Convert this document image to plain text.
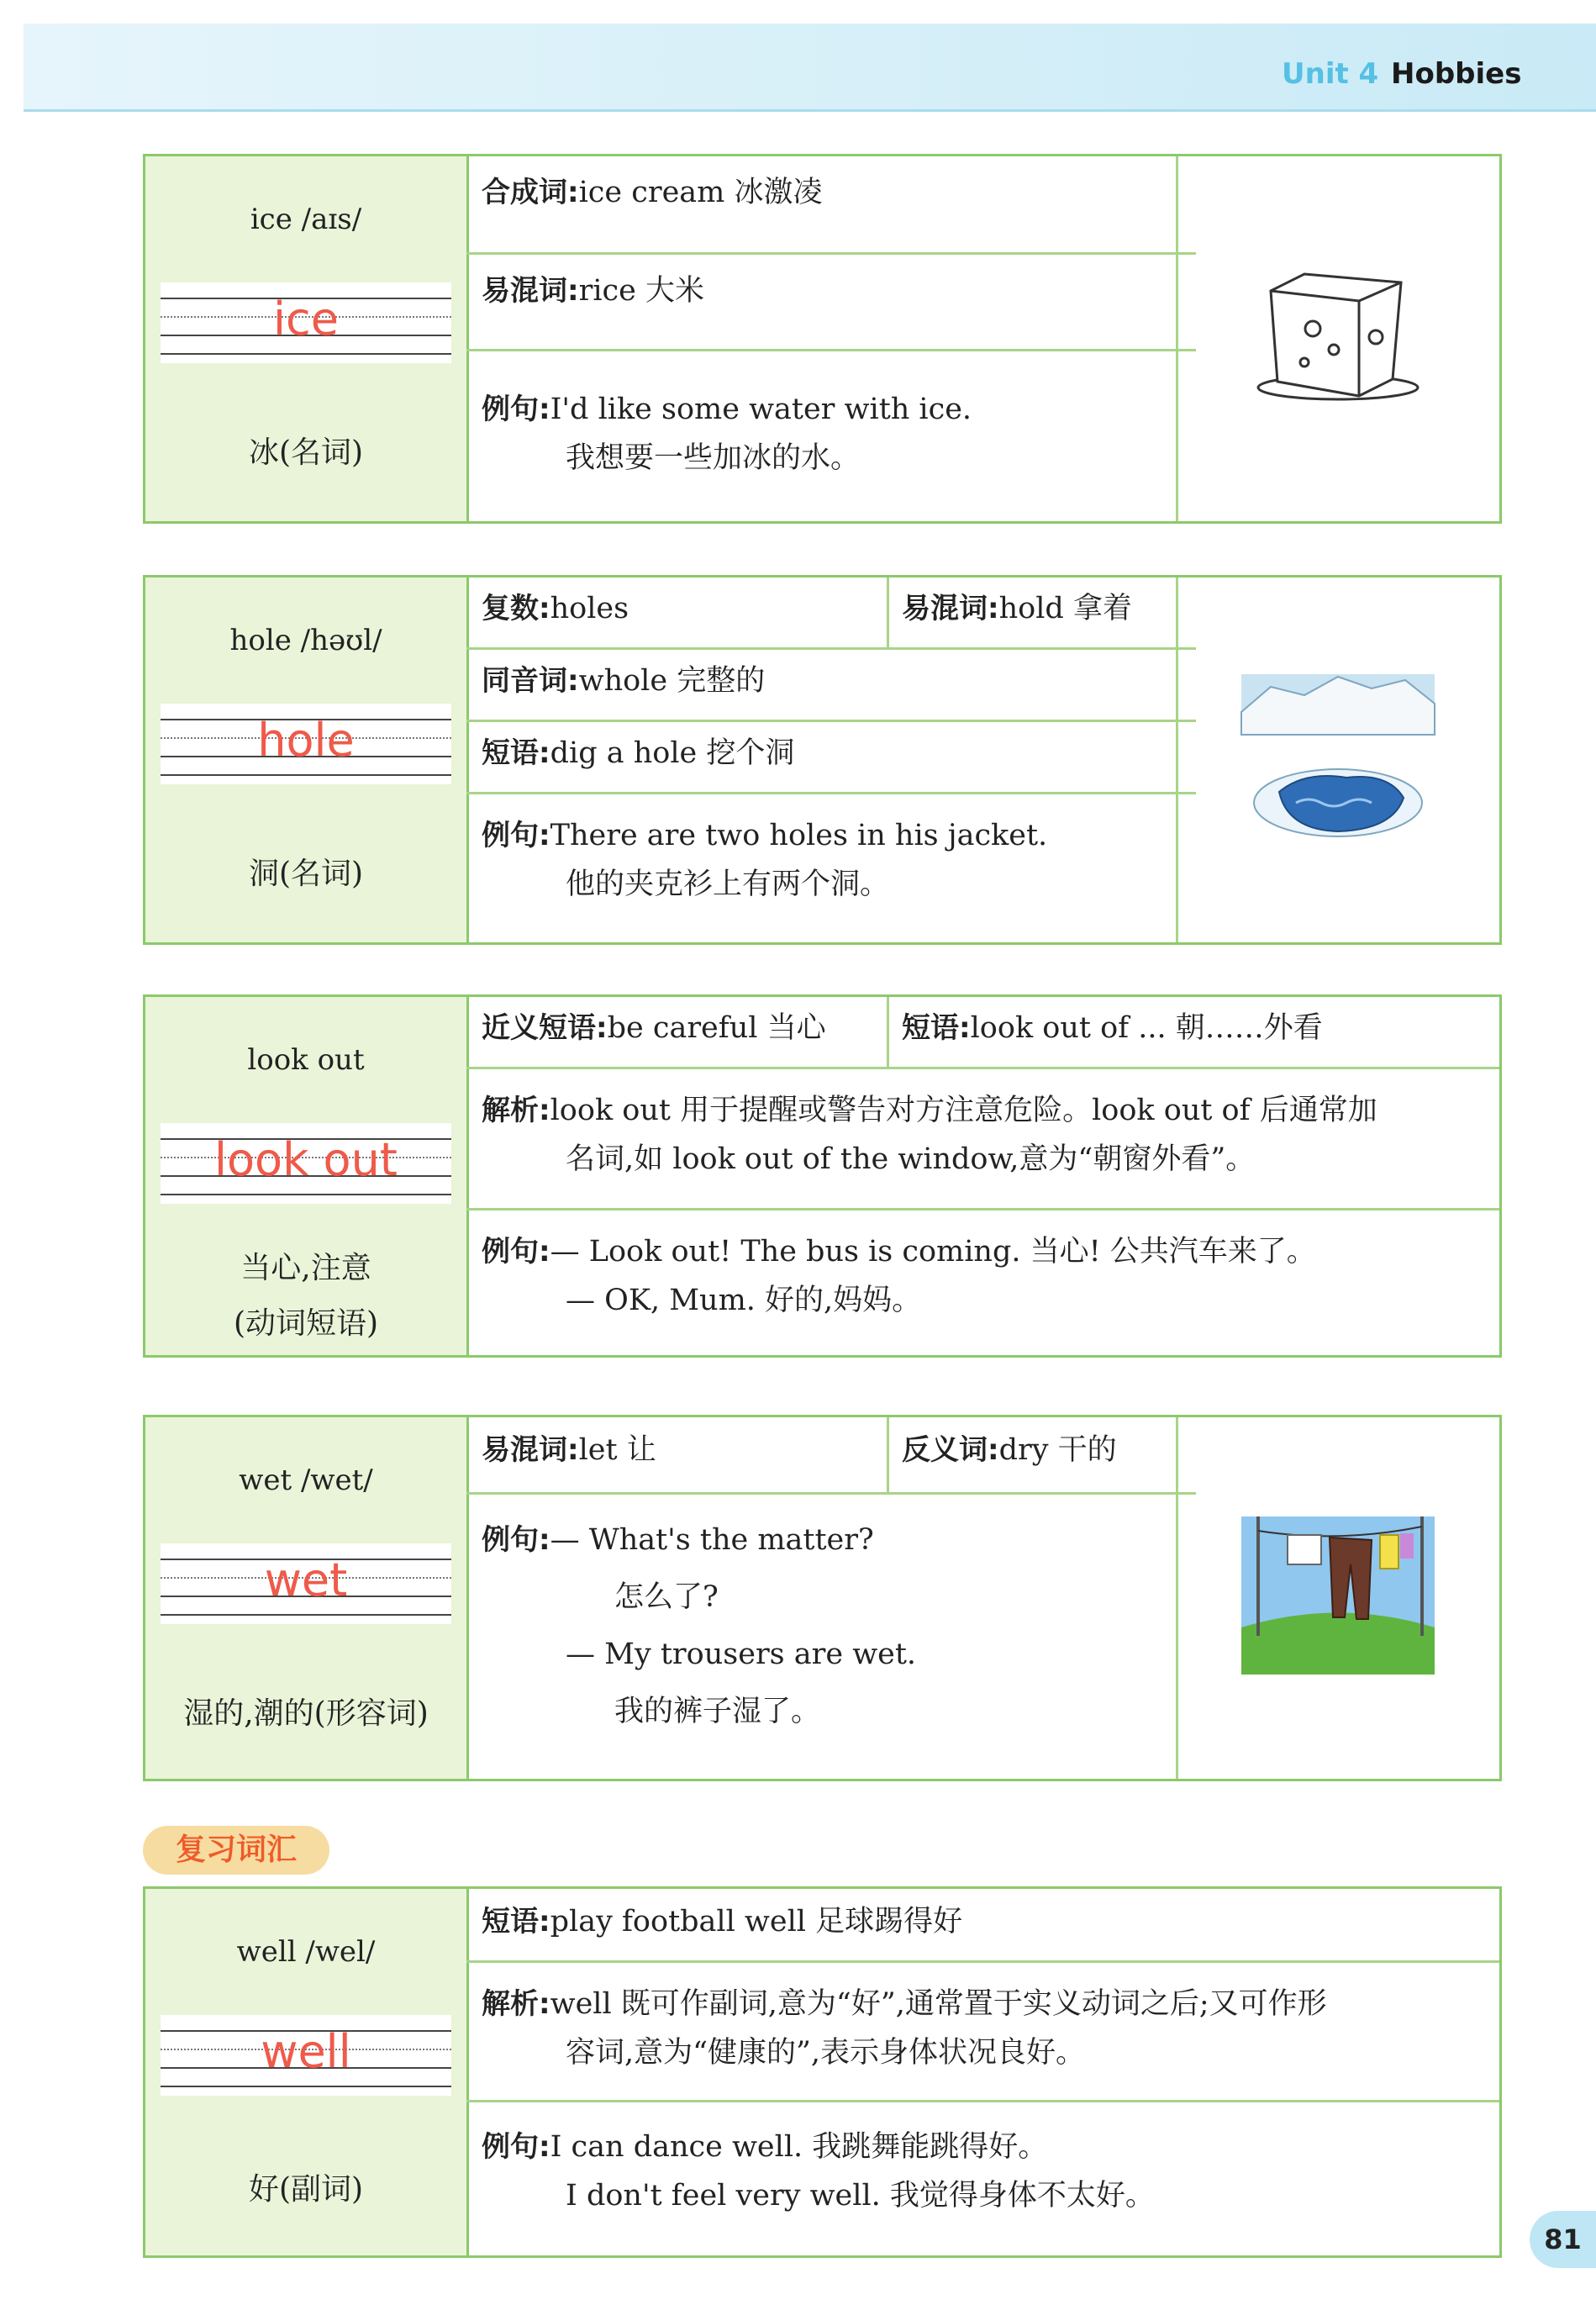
Unit 4 Hobbies
ice /aɪs/
ice
冰(名词)
合成词:ice cream 冰激凌
易混词:rice 大米
例句:I'd like some water with ice.
我想要一些加冰的水。
hole /həʊl/
hole
洞(名词)
复数:holes	易混词:hold 拿着
同音词:whole 完整的
短语:dig a hole 挖个洞
例句:There are two holes in his jacket.
他的夹克衫上有两个洞。
look out
look out
当心,注意
(动词短语)
近义短语:be careful 当心	短语:look out of ... 朝……外看
解析:look out 用于提醒或警告对方注意危险。look out of 后通常加
名词,如 look out of the window,意为“朝窗外看”。
例句:— Look out! The bus is coming. 当心! 公共汽车来了。
— OK, Mum. 好的,妈妈。
wet /wet/
wet
湿的,潮的(形容词)
易混词:let 让	反义词:dry 干的
例句:— What's the matter?
怎么了?
— My trousers are wet.
我的裤子湿了。
复习词汇
well /wel/
well
好(副词)
短语:play football well 足球踢得好
解析:well 既可作副词,意为“好”,通常置于实义动词之后;又可作形
容词,意为“健康的”,表示身体状况良好。
例句:I can dance well. 我跳舞能跳得好。
I don't feel very well. 我觉得身体不太好。
81
